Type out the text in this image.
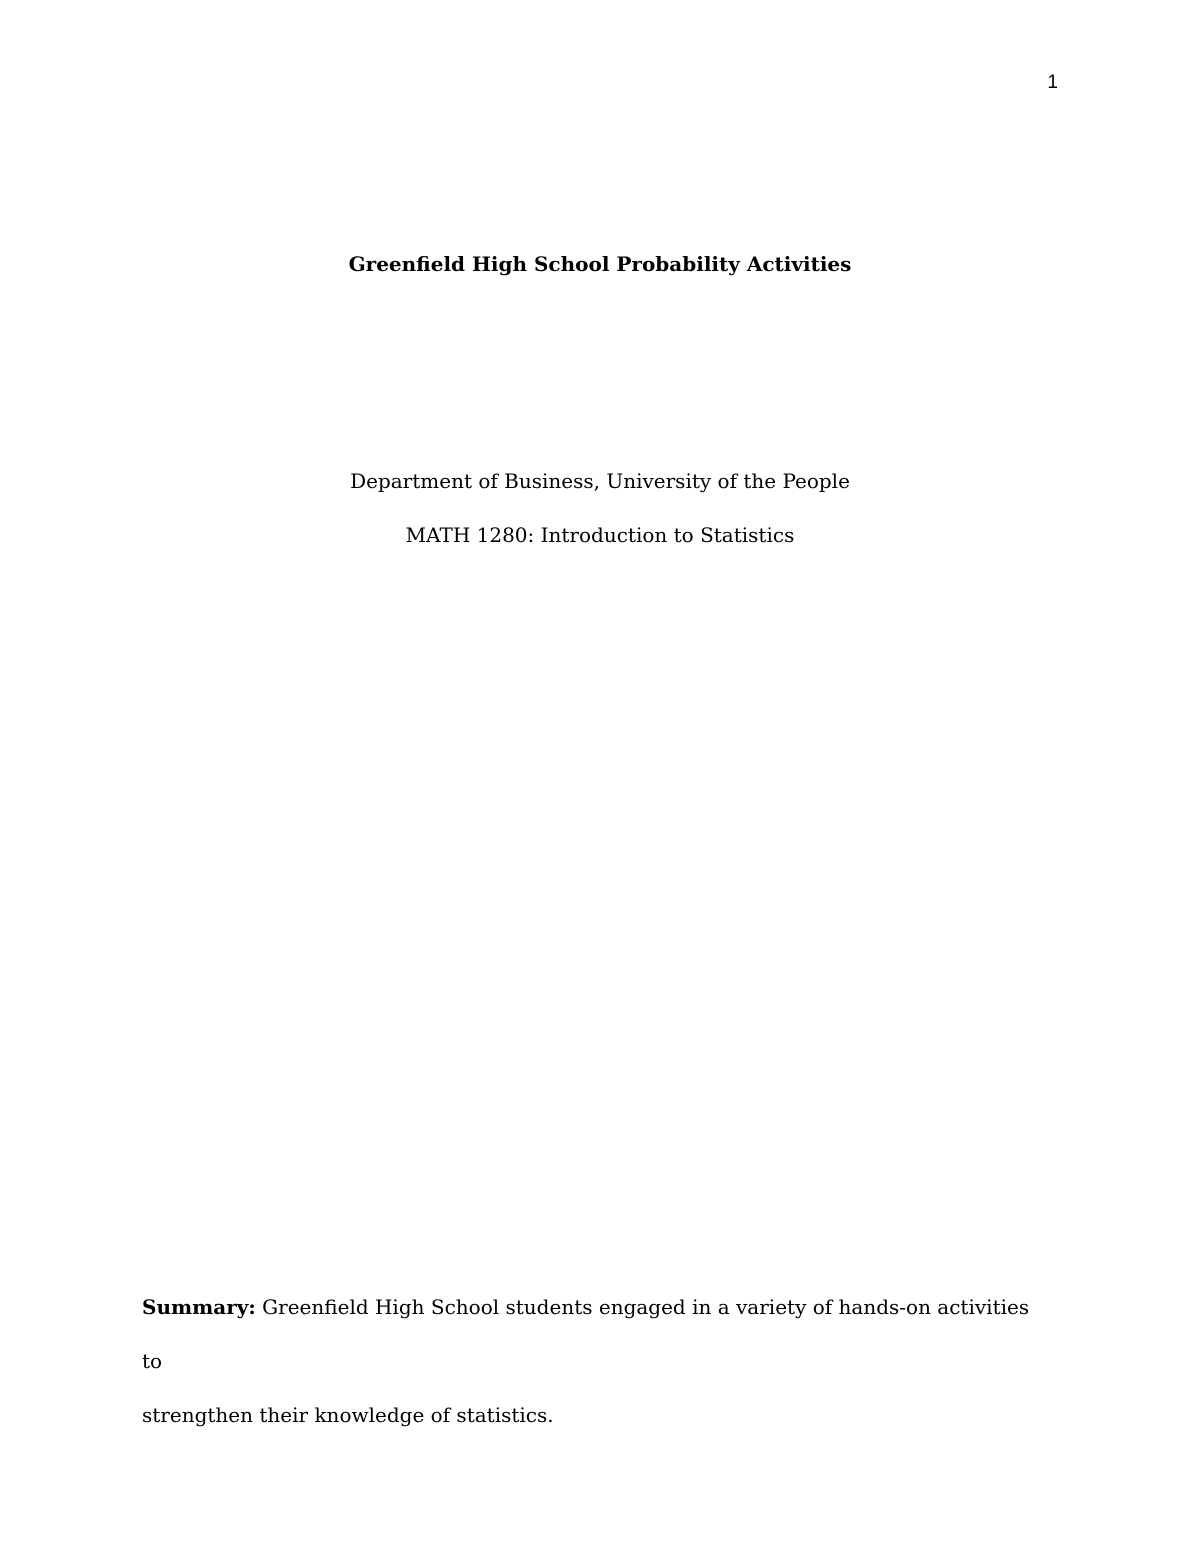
1
Greenfield High School Probability Activities
Department of Business, University of the People
MATH 1280: Introduction to Statistics
Summary: Greenfield High School students engaged in a variety of hands-on activities to
strengthen their knowledge of statistics.
